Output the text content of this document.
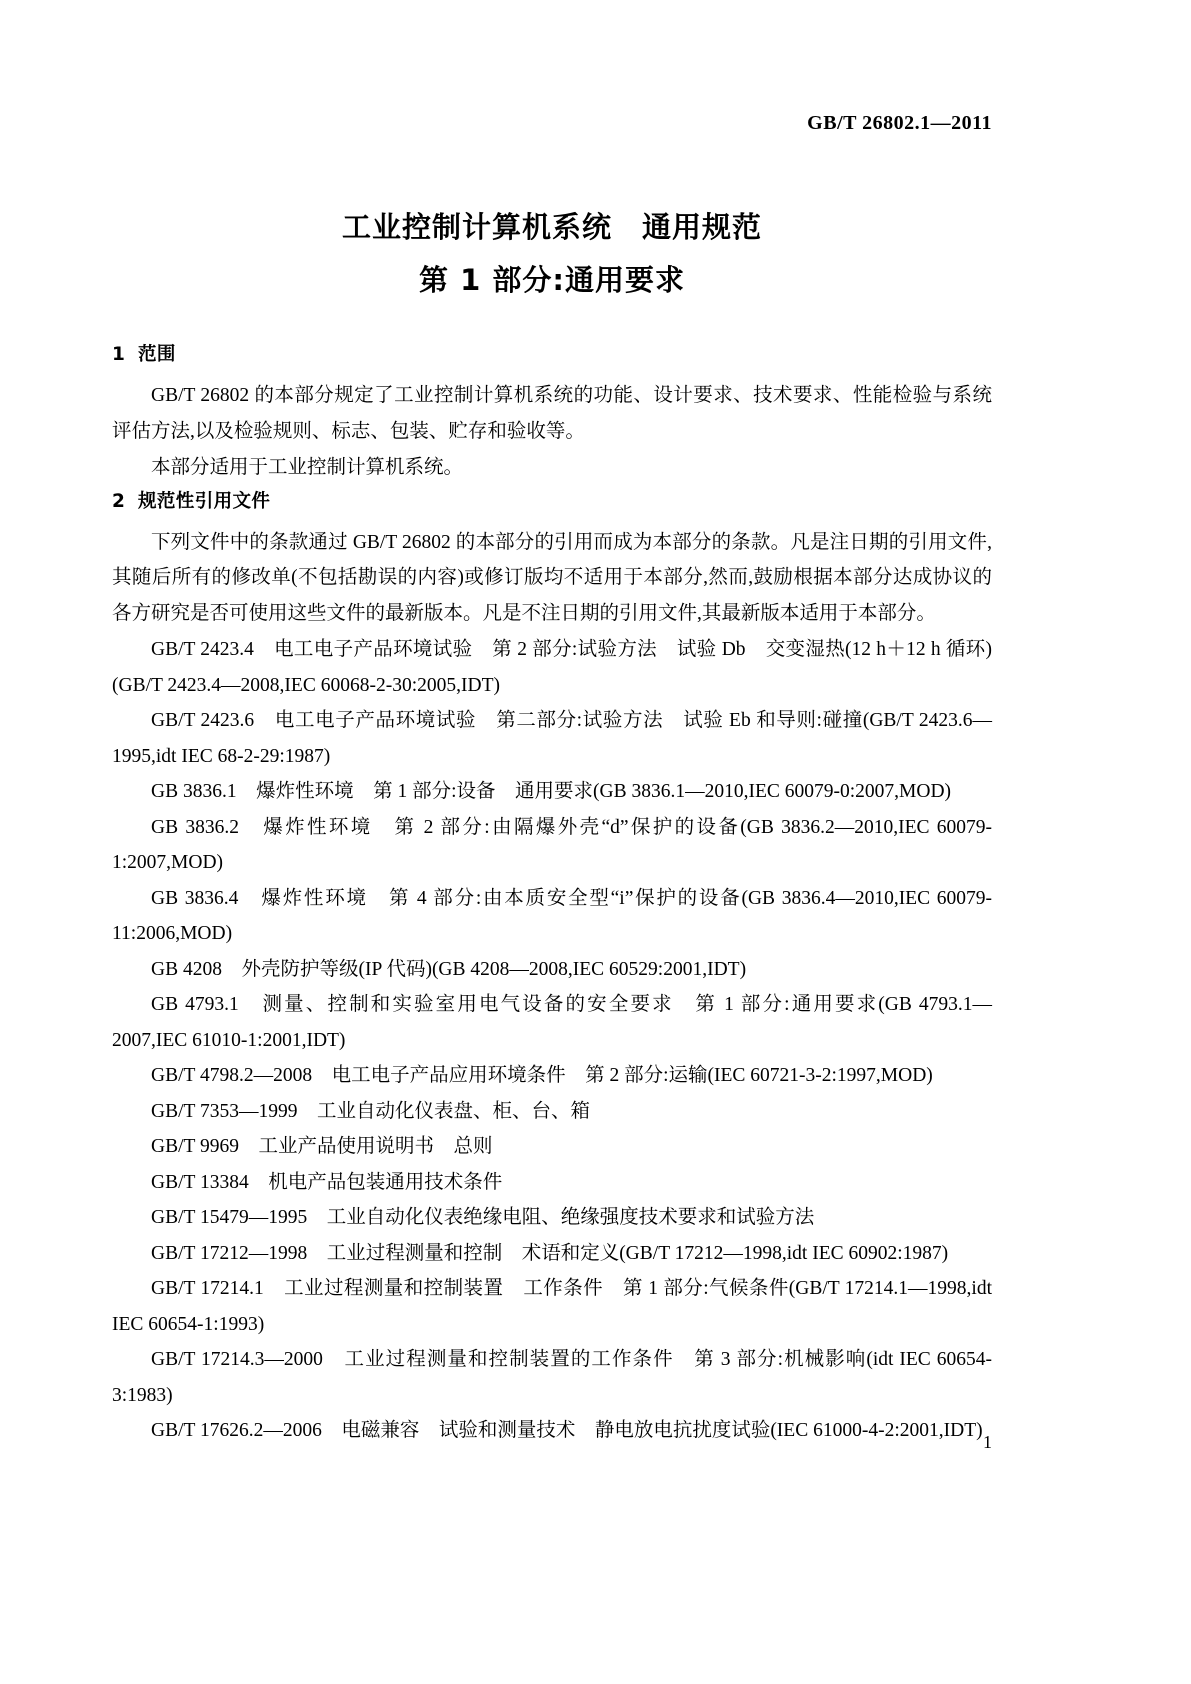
GB/T 26802.1—2011
工业控制计算机系统　通用规范
第 1 部分:通用要求
1 范围

GB/T 26802 的本部分规定了工业控制计算机系统的功能、设计要求、技术要求、性能检验与系统评估方法,以及检验规则、标志、包装、贮存和验收等。

本部分适用于工业控制计算机系统。

2 规范性引用文件

下列文件中的条款通过 GB/T 26802 的本部分的引用而成为本部分的条款。凡是注日期的引用文件,其随后所有的修改单(不包括勘误的内容)或修订版均不适用于本部分,然而,鼓励根据本部分达成协议的各方研究是否可使用这些文件的最新版本。凡是不注日期的引用文件,其最新版本适用于本部分。

GB/T 2423.4　电工电子产品环境试验　第 2 部分:试验方法　试验 Db　交变湿热(12 h＋12 h 循环)(GB/T 2423.4—2008,IEC 60068-2-30:2005,IDT)

GB/T 2423.6　电工电子产品环境试验　第二部分:试验方法　试验 Eb 和导则:碰撞(GB/T 2423.6—1995,idt IEC 68-2-29:1987)

GB 3836.1　爆炸性环境　第 1 部分:设备　通用要求(GB 3836.1—2010,IEC 60079-0:2007,MOD)

GB 3836.2　爆炸性环境　第 2 部分:由隔爆外壳“d”保护的设备(GB 3836.2—2010,IEC 60079-1:2007,MOD)

GB 3836.4　爆炸性环境　第 4 部分:由本质安全型“i”保护的设备(GB 3836.4—2010,IEC 60079-11:2006,MOD)

GB 4208　外壳防护等级(IP 代码)(GB 4208—2008,IEC 60529:2001,IDT)

GB 4793.1　测量、控制和实验室用电气设备的安全要求　第 1 部分:通用要求(GB 4793.1—2007,IEC 61010-1:2001,IDT)

GB/T 4798.2—2008　电工电子产品应用环境条件　第 2 部分:运输(IEC 60721-3-2:1997,MOD)

GB/T 7353—1999　工业自动化仪表盘、柜、台、箱

GB/T 9969　工业产品使用说明书　总则

GB/T 13384　机电产品包装通用技术条件

GB/T 15479—1995　工业自动化仪表绝缘电阻、绝缘强度技术要求和试验方法

GB/T 17212—1998　工业过程测量和控制　术语和定义(GB/T 17212—1998,idt IEC 60902:1987)

GB/T 17214.1　工业过程测量和控制装置　工作条件　第 1 部分:气候条件(GB/T 17214.1—1998,idt IEC 60654-1:1993)

GB/T 17214.3—2000　工业过程测量和控制装置的工作条件　第 3 部分:机械影响(idt IEC 60654-3:1983)

GB/T 17626.2—2006　电磁兼容　试验和测量技术　静电放电抗扰度试验(IEC 61000-4-2:2001,IDT)

1
